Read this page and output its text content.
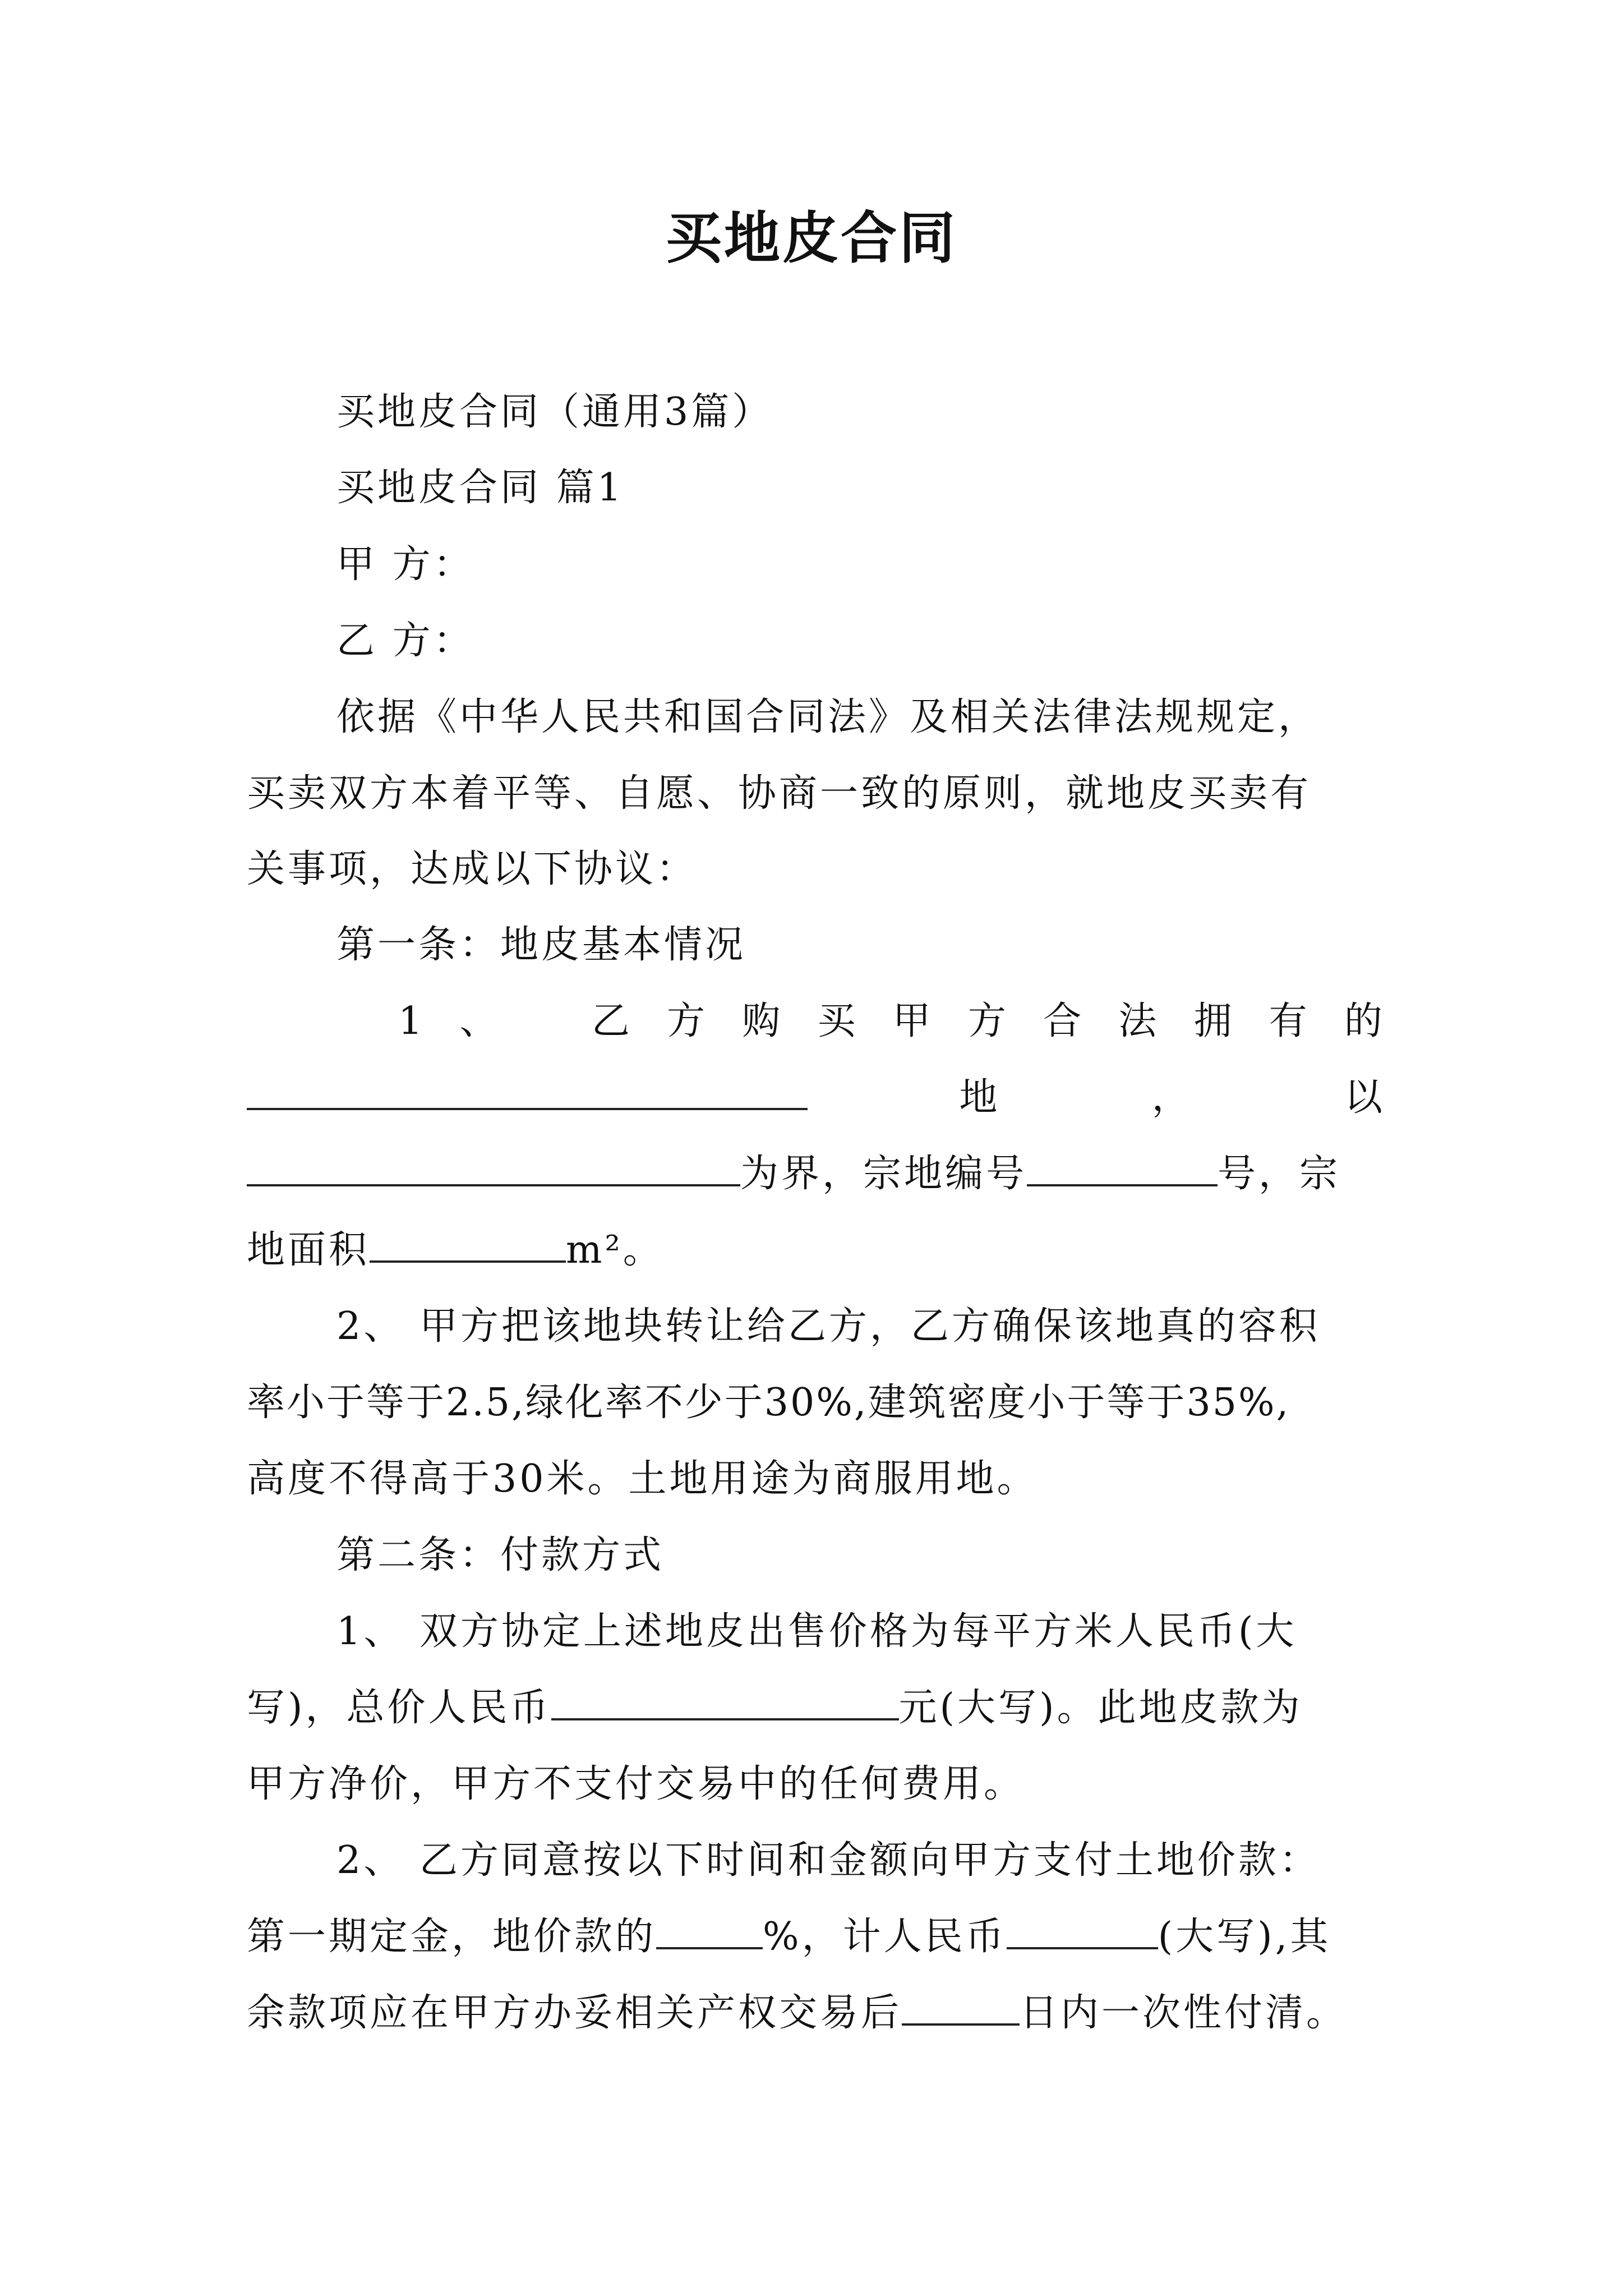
买地皮合同
买地皮合同（通用3篇）
买地皮合同 篇1
甲 方：
乙 方：
依据《中华人民共和国合同法》及相关法律法规规定，
买卖双方本着平等、自愿、协商一致的原则，就地皮买卖有
关事项，达成以下协议：
第一条：地皮基本情况
1 、 乙 方 购 买 甲 方 合 法 拥 有 的
地	，	以
为界，宗地编号	号，宗
地面积	m²。
2、 甲方把该地块转让给乙方，乙方确保该地真的容积
率小于等于2.5,绿化率不少于30%,建筑密度小于等于35%,
高度不得高于30米。土地用途为商服用地。
第二条：付款方式
1、 双方协定上述地皮出售价格为每平方米人民币(大
写)，总价人民币	元(大写)。此地皮款为
甲方净价，甲方不支付交易中的任何费用。
2、 乙方同意按以下时间和金额向甲方支付土地价款：
第一期定金，地价款的	%，计人民币	(大写),其
余款项应在甲方办妥相关产权交易后	日内一次性付清。
